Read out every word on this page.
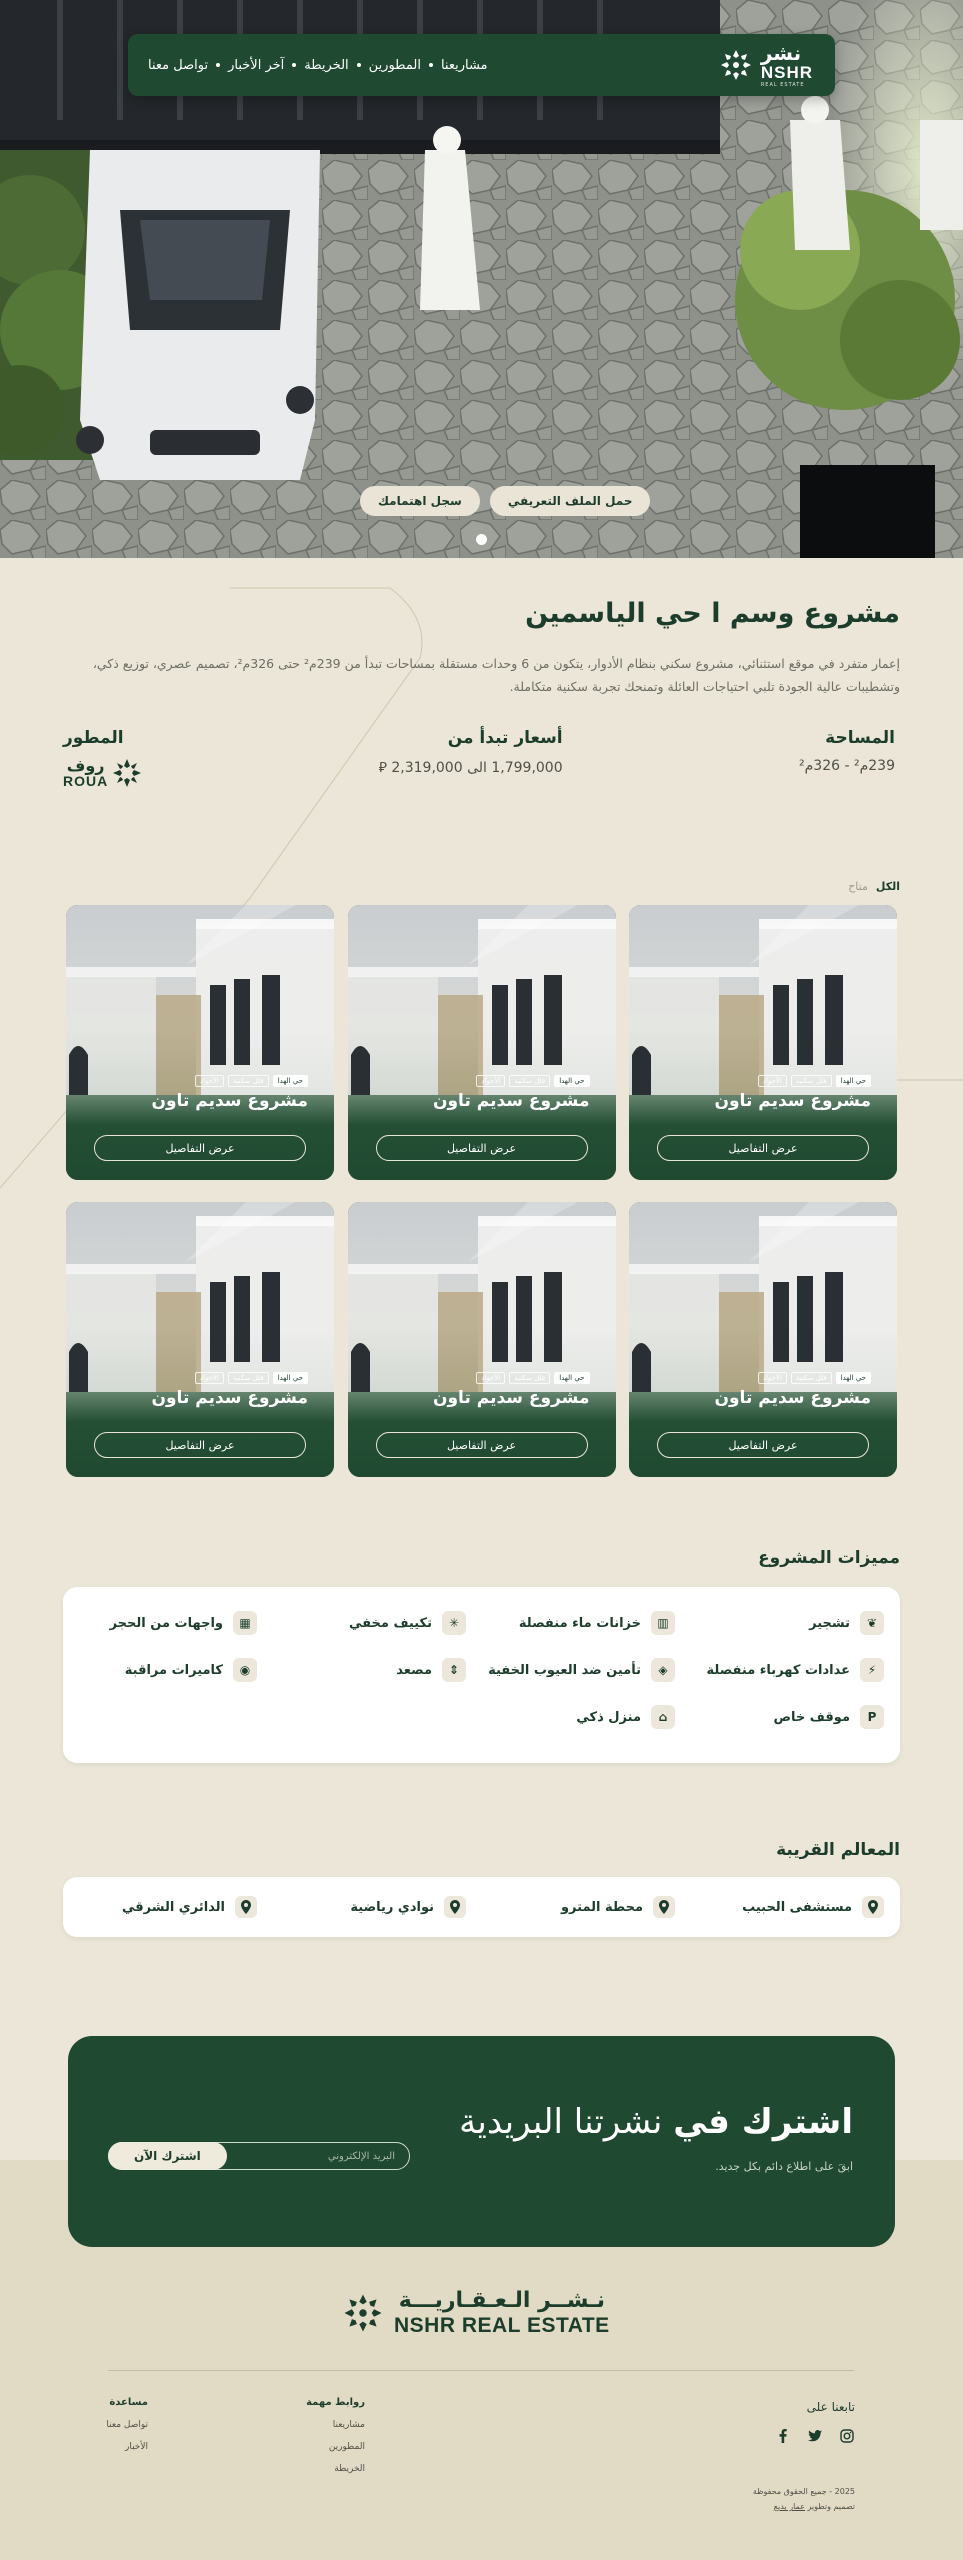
نشر
NSHR
REAL ESTATE
مشاريعنا
المطورين
الخريطة
آخر الأخبار
تواصل معنا
سجل اهتمامك	حمل الملف التعريفي
مشروع وسم ا حي الياسمين

إعمار متفرد في موقع استثنائي، مشروع سكني بنظام الأدوار، يتكون من 6 وحدات مستقلة بمساحات تبدأ من 239م² حتى 326م²، تصميم عصري، توزيع ذكي، وتشطيبات عالية الجودة تلبي احتياجات العائلة وتمنحك تجربة سكنية متكاملة.

المساحة
239م² - 326م²
أسعار تبدأ من
1,799,000 الى 2,319,000 ⃁
المطور
روف
ROUA
الكل
متاح
حي الهدا
فلل سكنية
الأجواد
مشروع سديم تاون
عرض التفاصيل
حي الهدا
فلل سكنية
الأجواد
مشروع سديم تاون
عرض التفاصيل
حي الهدا
فلل سكنية
الأجواد
مشروع سديم تاون
عرض التفاصيل
حي الهدا
فلل سكنية
الأجواد
مشروع سديم تاون
عرض التفاصيل
حي الهدا
فلل سكنية
الأجواد
مشروع سديم تاون
عرض التفاصيل
حي الهدا
فلل سكنية
الأجواد
مشروع سديم تاون
عرض التفاصيل
مميزات المشروع
❦
تشجير
▥
خزانات ماء منفصلة
✳
تكييف مخفي
▦
واجهات من الحجر
⚡
عدادات كهرباء منفصلة
◈
تأمين ضد العيوب الخفية
⇕
مصعد
◉
كاميرات مراقبة
P
موقف خاص
⌂
منزل ذكي
المعالم القريبة
مستشفى الحبيب
محطة المترو
نوادي رياضية
الدائري الشرقي
اشترك في نشرتنا البريدية
ابقَ على اطلاع دائم بكل جديد.
البريد الإلكتروني
اشترك الآن
نـشــر الـعـقـاريـــة
NSHR REAL ESTATE
تابعنا على
2025 - جميع الحقوق محفوظة
تصميم وتطوير عمار بديع
روابط مهمة
مشاريعنا
المطورين
الخريطة
مساعدة
تواصل معنا
الأخبار
